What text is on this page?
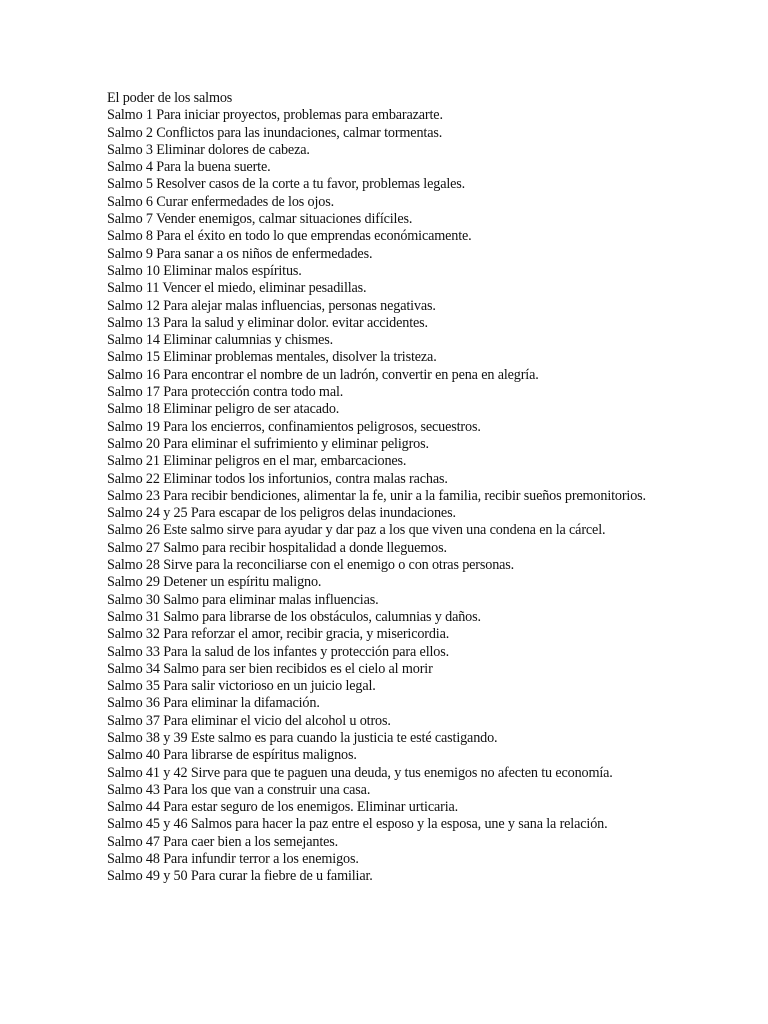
El poder de los salmos

Salmo 1 Para iniciar proyectos, problemas para embarazarte.

Salmo 2 Conflictos para las inundaciones, calmar tormentas.

Salmo 3 Eliminar dolores de cabeza.

Salmo 4 Para la buena suerte.

Salmo 5 Resolver casos de la corte a tu favor, problemas legales.

Salmo 6 Curar enfermedades de los ojos.

Salmo 7 Vender enemigos, calmar situaciones difíciles.

Salmo 8 Para el éxito en todo lo que emprendas económicamente.

Salmo 9 Para sanar a os niños de enfermedades.

Salmo 10 Eliminar malos espíritus.

Salmo 11 Vencer el miedo, eliminar pesadillas.

Salmo 12 Para alejar malas influencias, personas negativas.

Salmo 13 Para la salud y eliminar dolor. evitar accidentes.

Salmo 14 Eliminar calumnias y chismes.

Salmo 15 Eliminar problemas mentales, disolver la tristeza.

Salmo 16 Para encontrar el nombre de un ladrón, convertir en pena en alegría.

Salmo 17 Para protección contra todo mal.

Salmo 18 Eliminar peligro de ser atacado.

Salmo 19 Para los encierros, confinamientos peligrosos, secuestros.

Salmo 20 Para eliminar el sufrimiento y eliminar peligros.

Salmo 21 Eliminar peligros en el mar, embarcaciones.

Salmo 22 Eliminar todos los infortunios, contra malas rachas.

Salmo 23 Para recibir bendiciones, alimentar la fe, unir a la familia, recibir sueños premonitorios.

Salmo 24 y 25 Para escapar de los peligros delas inundaciones.

Salmo 26 Este salmo sirve para ayudar y dar paz a los que viven una condena en la cárcel.

Salmo 27 Salmo para recibir hospitalidad a donde lleguemos.

Salmo 28 Sirve para la reconciliarse con el enemigo o con otras personas.

Salmo 29 Detener un espíritu maligno.

Salmo 30 Salmo para eliminar malas influencias.

Salmo 31 Salmo para librarse de los obstáculos, calumnias y daños.

Salmo 32 Para reforzar el amor, recibir gracia, y misericordia.

Salmo 33 Para la salud de los infantes y protección para ellos.

Salmo 34 Salmo para ser bien recibidos es el cielo al morir

Salmo 35 Para salir victorioso en un juicio legal.

Salmo 36 Para eliminar la difamación.

Salmo 37 Para eliminar el vicio del alcohol u otros.

Salmo 38 y 39 Este salmo es para cuando la justicia te esté castigando.

Salmo 40 Para librarse de espíritus malignos.

Salmo 41 y 42 Sirve para que te paguen una deuda, y tus enemigos no afecten tu economía.

Salmo 43 Para los que van a construir una casa.

Salmo 44 Para estar seguro de los enemigos. Eliminar urticaria.

Salmo 45 y 46 Salmos para hacer la paz entre el esposo y la esposa, une y sana la relación.

Salmo 47 Para caer bien a los semejantes.

Salmo 48 Para infundir terror a los enemigos.

Salmo 49 y 50 Para curar la fiebre de u familiar.
